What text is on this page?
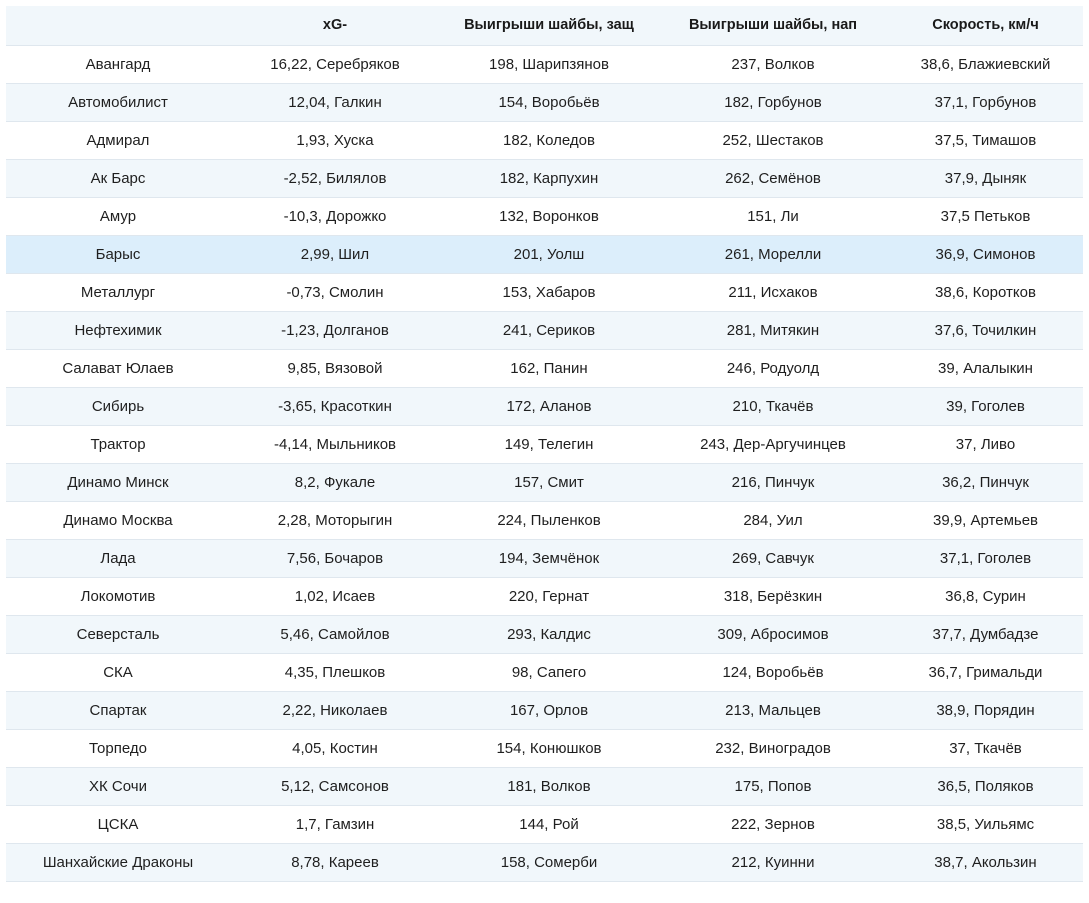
	xG-	Выигрыши шайбы, защ	Выигрыши шайбы, нап	Скорость, км/ч
Авангард	16,22, Серебряков	198, Шарипзянов	237, Волков	38,6, Блажиевский
Автомобилист	12,04, Галкин	154, Воробьёв	182, Горбунов	37,1, Горбунов
Адмирал	1,93, Хуска	182, Коледов	252, Шестаков	37,5, Тимашов
Ак Барс	-2,52, Билялов	182, Карпухин	262, Семёнов	37,9, Дыняк
Амур	-10,3, Дорожко	132, Воронков	151, Ли	37,5 Петьков
Барыс	2,99, Шил	201, Уолш	261, Морелли	36,9, Симонов
Металлург	-0,73, Смолин	153, Хабаров	211, Исхаков	38,6, Коротков
Нефтехимик	-1,23, Долганов	241, Сериков	281, Митякин	37,6, Точилкин
Салават Юлаев	9,85, Вязовой	162, Панин	246, Родуолд	39, Алалыкин
Сибирь	-3,65, Красоткин	172, Аланов	210, Ткачёв	39, Гоголев
Трактор	-4,14, Мыльников	149, Телегин	243, Дер-Аргучинцев	37, Ливо
Динамо Минск	8,2, Фукале	157, Смит	216, Пинчук	36,2, Пинчук
Динамо Москва	2,28, Моторыгин	224, Пыленков	284, Уил	39,9, Артемьев
Лада	7,56, Бочаров	194, Земчёнок	269, Савчук	37,1, Гоголев
Локомотив	1,02, Исаев	220, Гернат	318, Берёзкин	36,8, Сурин
Северсталь	5,46, Самойлов	293, Калдис	309, Абросимов	37,7, Думбадзе
СКА	4,35, Плешков	98, Сапего	124, Воробьёв	36,7, Гримальди
Спартак	2,22, Николаев	167, Орлов	213, Мальцев	38,9, Порядин
Торпедо	4,05, Костин	154, Конюшков	232, Виноградов	37, Ткачёв
ХК Сочи	5,12, Самсонов	181, Волков	175, Попов	36,5, Поляков
ЦСКА	1,7, Гамзин	144, Рой	222, Зернов	38,5, Уильямс
Шанхайские Драконы	8,78, Кареев	158, Сомерби	212, Куинни	38,7, Акользин
